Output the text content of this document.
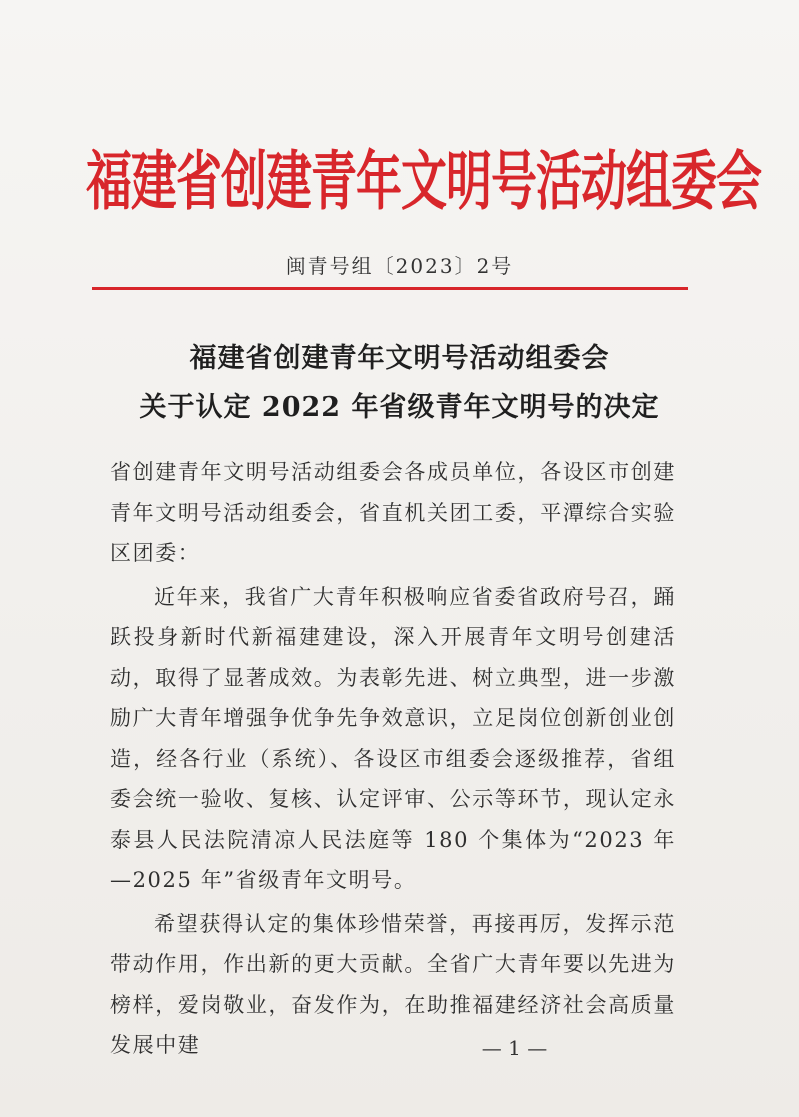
福建省创建青年文明号活动组委会
闽青号组〔2023〕2号
福建省创建青年文明号活动组委会
关于认定 2022 年省级青年文明号的决定

省创建青年文明号活动组委会各成员单位，各设区市创建青年文明号活动组委会，省直机关团工委，平潭综合实验区团委：

近年来，我省广大青年积极响应省委省政府号召，踊跃投身新时代新福建建设，深入开展青年文明号创建活动，取得了显著成效。为表彰先进、树立典型，进一步激励广大青年增强争优争先争效意识，立足岗位创新创业创造，经各行业（系统）、各设区市组委会逐级推荐，省组委会统一验收、复核、认定评审、公示等环节，现认定永泰县人民法院清凉人民法庭等 180 个集体为“2023 年—2025 年”省级青年文明号。

希望获得认定的集体珍惜荣誉，再接再厉，发挥示范带动作用，作出新的更大贡献。全省广大青年要以先进为榜样，爱岗敬业，奋发作为，在助推福建经济社会高质量发展中建	— 1 —
